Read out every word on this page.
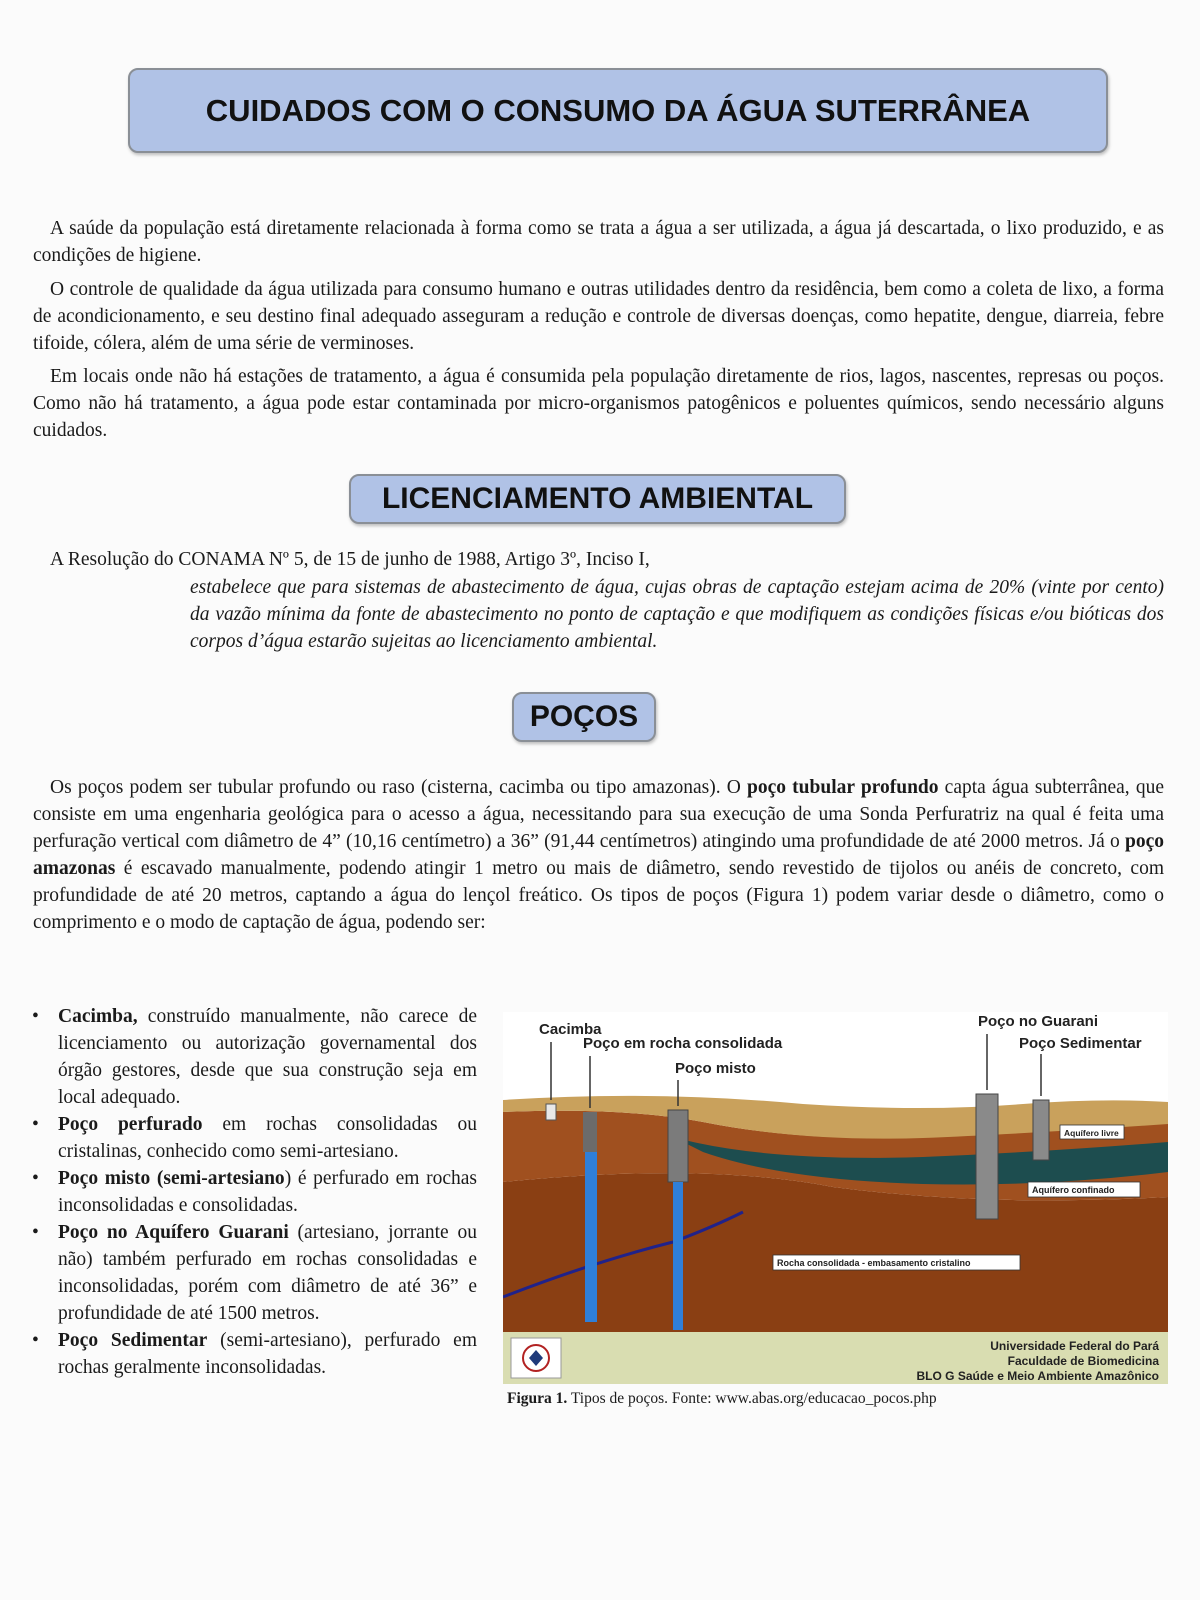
CUIDADOS COM O CONSUMO DA ÁGUA SUTERRÂNEA

A saúde da população está diretamente relacionada à forma como se trata a água a ser utilizada, a água já descartada, o lixo produzido, e as condições de higiene.

O controle de qualidade da água utilizada para consumo humano e outras utilidades dentro da residência, bem como a coleta de lixo, a forma de acondicionamento, e seu destino final adequado asseguram a redução e controle de diversas doenças, como hepatite, dengue, diarreia, febre tifoide, cólera, além de uma série de verminoses.

Em locais onde não há estações de tratamento, a água é consumida pela população diretamente de rios, lagos, nascentes, represas ou poços. Como não há tratamento, a água pode estar contaminada por micro-organismos patogênicos e poluentes químicos, sendo necessário alguns cuidados.

LICENCIAMENTO AMBIENTAL

A Resolução do CONAMA Nº 5, de 15 de junho de 1988, Artigo 3º, Inciso I,

estabelece que para sistemas de abastecimento de água, cujas obras de captação estejam acima de 20% (vinte por cento) da vazão mínima da fonte de abastecimento no ponto de captação e que modifiquem as condições físicas e/ou bióticas dos corpos d’água estarão sujeitas ao licenciamento ambiental.

POÇOS

Os poços podem ser tubular profundo ou raso (cisterna, cacimba ou tipo amazonas). O poço tubular profundo capta água subterrânea, que consiste em uma engenharia geológica para o acesso a água, necessitando para sua execução de uma Sonda Perfuratriz na qual é feita uma perfuração vertical com diâmetro de 4” (10,16 centímetro) a 36” (91,44 centímetros) atingindo uma profundidade de até 2000 metros. Já o poço amazonas é escavado manualmente, podendo atingir 1 metro ou mais de diâmetro, sendo revestido de tijolos ou anéis de concreto, com profundidade de até 20 metros, captando a água do lençol freático. Os tipos de poços (Figura 1) podem variar desde o diâmetro, como o comprimento e o modo de captação de água, podendo ser:

• Cacimba, construído manualmente, não carece de licenciamento ou autorização governamental dos órgão gestores, desde que sua construção seja em local adequado.
• Poço perfurado em rochas consolidadas ou cristalinas, conhecido como semi-artesiano.
• Poço misto (semi-artesiano) é perfurado em rochas inconsolidadas e consolidadas.
• Poço no Aquífero Guarani (artesiano, jorrante ou não) também perfurado em rochas consolidadas e inconsolidadas, porém com diâmetro de até 36” e profundidade de até 1500 metros.
• Poço Sedimentar (semi-artesiano), perfurado em rochas geralmente inconsolidadas.
Cacimba
Poço em rocha consolidada
Poço misto
Poço no Guarani
Poço Sedimentar
Aquífero livre
Aquífero confinado
Rocha consolidada - embasamento cristalino
Universidade Federal do Pará
Faculdade de Biomedicina
BLO G Saúde e Meio Ambiente Amazônico

Figura 1. Tipos de poços. Fonte: www.abas.org/educacao_pocos.php
